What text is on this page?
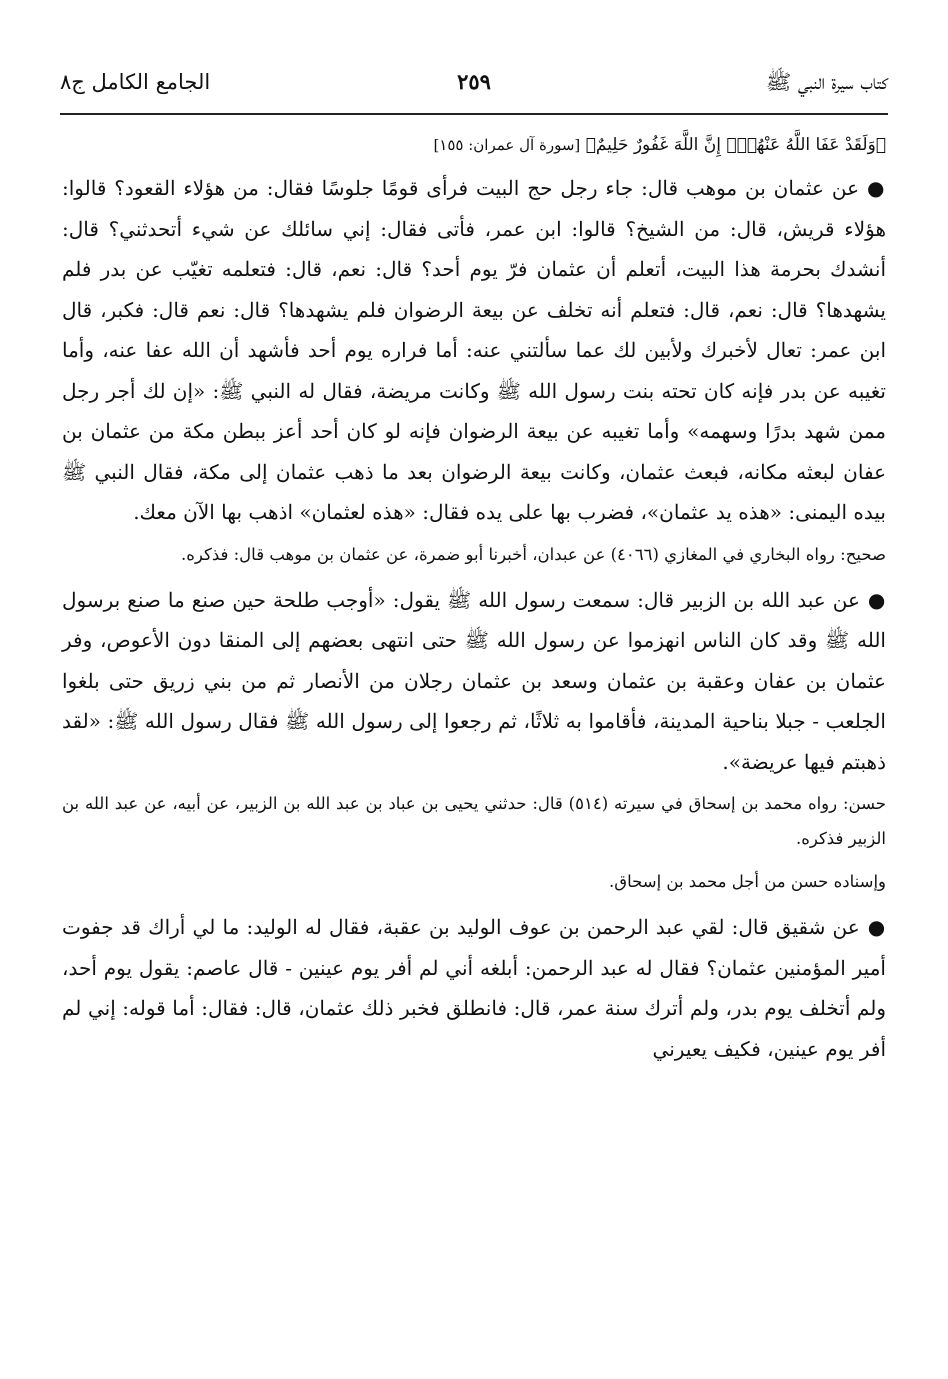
كتاب سيرة النبي ﷺ
٢٥٩
الجامع الكامل ج٨

﴿وَلَقَدْ عَفَا اللَّهُ عَنْهُمْۗ إِنَّ اللَّهَ غَفُورٌ حَلِيمٌ﴾ [سورة آل عمران: ١٥٥]

●عن عثمان بن موهب قال: جاء رجل حج البيت فرأى قومًا جلوسًا فقال: من هؤلاء القعود؟ قالوا: هؤلاء قريش، قال: من الشيخ؟ قالوا: ابن عمر، فأتى فقال: إني سائلك عن شيء أتحدثني؟ قال: أنشدك بحرمة هذا البيت، أتعلم أن عثمان فرّ يوم أحد؟ قال: نعم، قال: فتعلمه تغيّب عن بدر فلم يشهدها؟ قال: نعم، قال: فتعلم أنه تخلف عن بيعة الرضوان فلم يشهدها؟ قال: نعم قال: فكبر، قال ابن عمر: تعال لأخبرك ولأبين لك عما سألتني عنه: أما فراره يوم أحد فأشهد أن الله عفا عنه، وأما تغيبه عن بدر فإنه كان تحته بنت رسول الله ﷺ وكانت مريضة، فقال له النبي ﷺ: «إن لك أجر رجل ممن شهد بدرًا وسهمه» وأما تغيبه عن بيعة الرضوان فإنه لو كان أحد أعز ببطن مكة من عثمان بن عفان لبعثه مكانه، فبعث عثمان، وكانت بيعة الرضوان بعد ما ذهب عثمان إلى مكة، فقال النبي ﷺ بيده اليمنى: «هذه يد عثمان»، فضرب بها على يده فقال: «هذه لعثمان» اذهب بها الآن معك.

صحيح: رواه البخاري في المغازي (٤٠٦٦) عن عبدان، أخبرنا أبو ضمرة، عن عثمان بن موهب قال: فذكره.

●عن عبد الله بن الزبير قال: سمعت رسول الله ﷺ يقول: «أوجب طلحة حين صنع ما صنع برسول الله ﷺ وقد كان الناس انهزموا عن رسول الله ﷺ حتى انتهى بعضهم إلى المنقا دون الأعوص، وفر عثمان بن عفان وعقبة بن عثمان وسعد بن عثمان رجلان من الأنصار ثم من بني زريق حتى بلغوا الجلعب - جبلا بناحية المدينة، فأقاموا به ثلاثًا، ثم رجعوا إلى رسول الله ﷺ فقال رسول الله ﷺ: «لقد ذهبتم فيها عريضة».

حسن: رواه محمد بن إسحاق في سيرته (٥١٤) قال: حدثني يحيى بن عباد بن عبد الله بن الزبير، عن أبيه، عن عبد الله بن الزبير فذكره.

وإسناده حسن من أجل محمد بن إسحاق.

●عن شقيق قال: لقي عبد الرحمن بن عوف الوليد بن عقبة، فقال له الوليد: ما لي أراك قد جفوت أمير المؤمنين عثمان؟ فقال له عبد الرحمن: أبلغه أني لم أفر يوم عينين - قال عاصم: يقول يوم أحد، ولم أتخلف يوم بدر، ولم أترك سنة عمر، قال: فانطلق فخبر ذلك عثمان، قال: فقال: أما قوله: إني لم أفر يوم عينين، فكيف يعيرني
